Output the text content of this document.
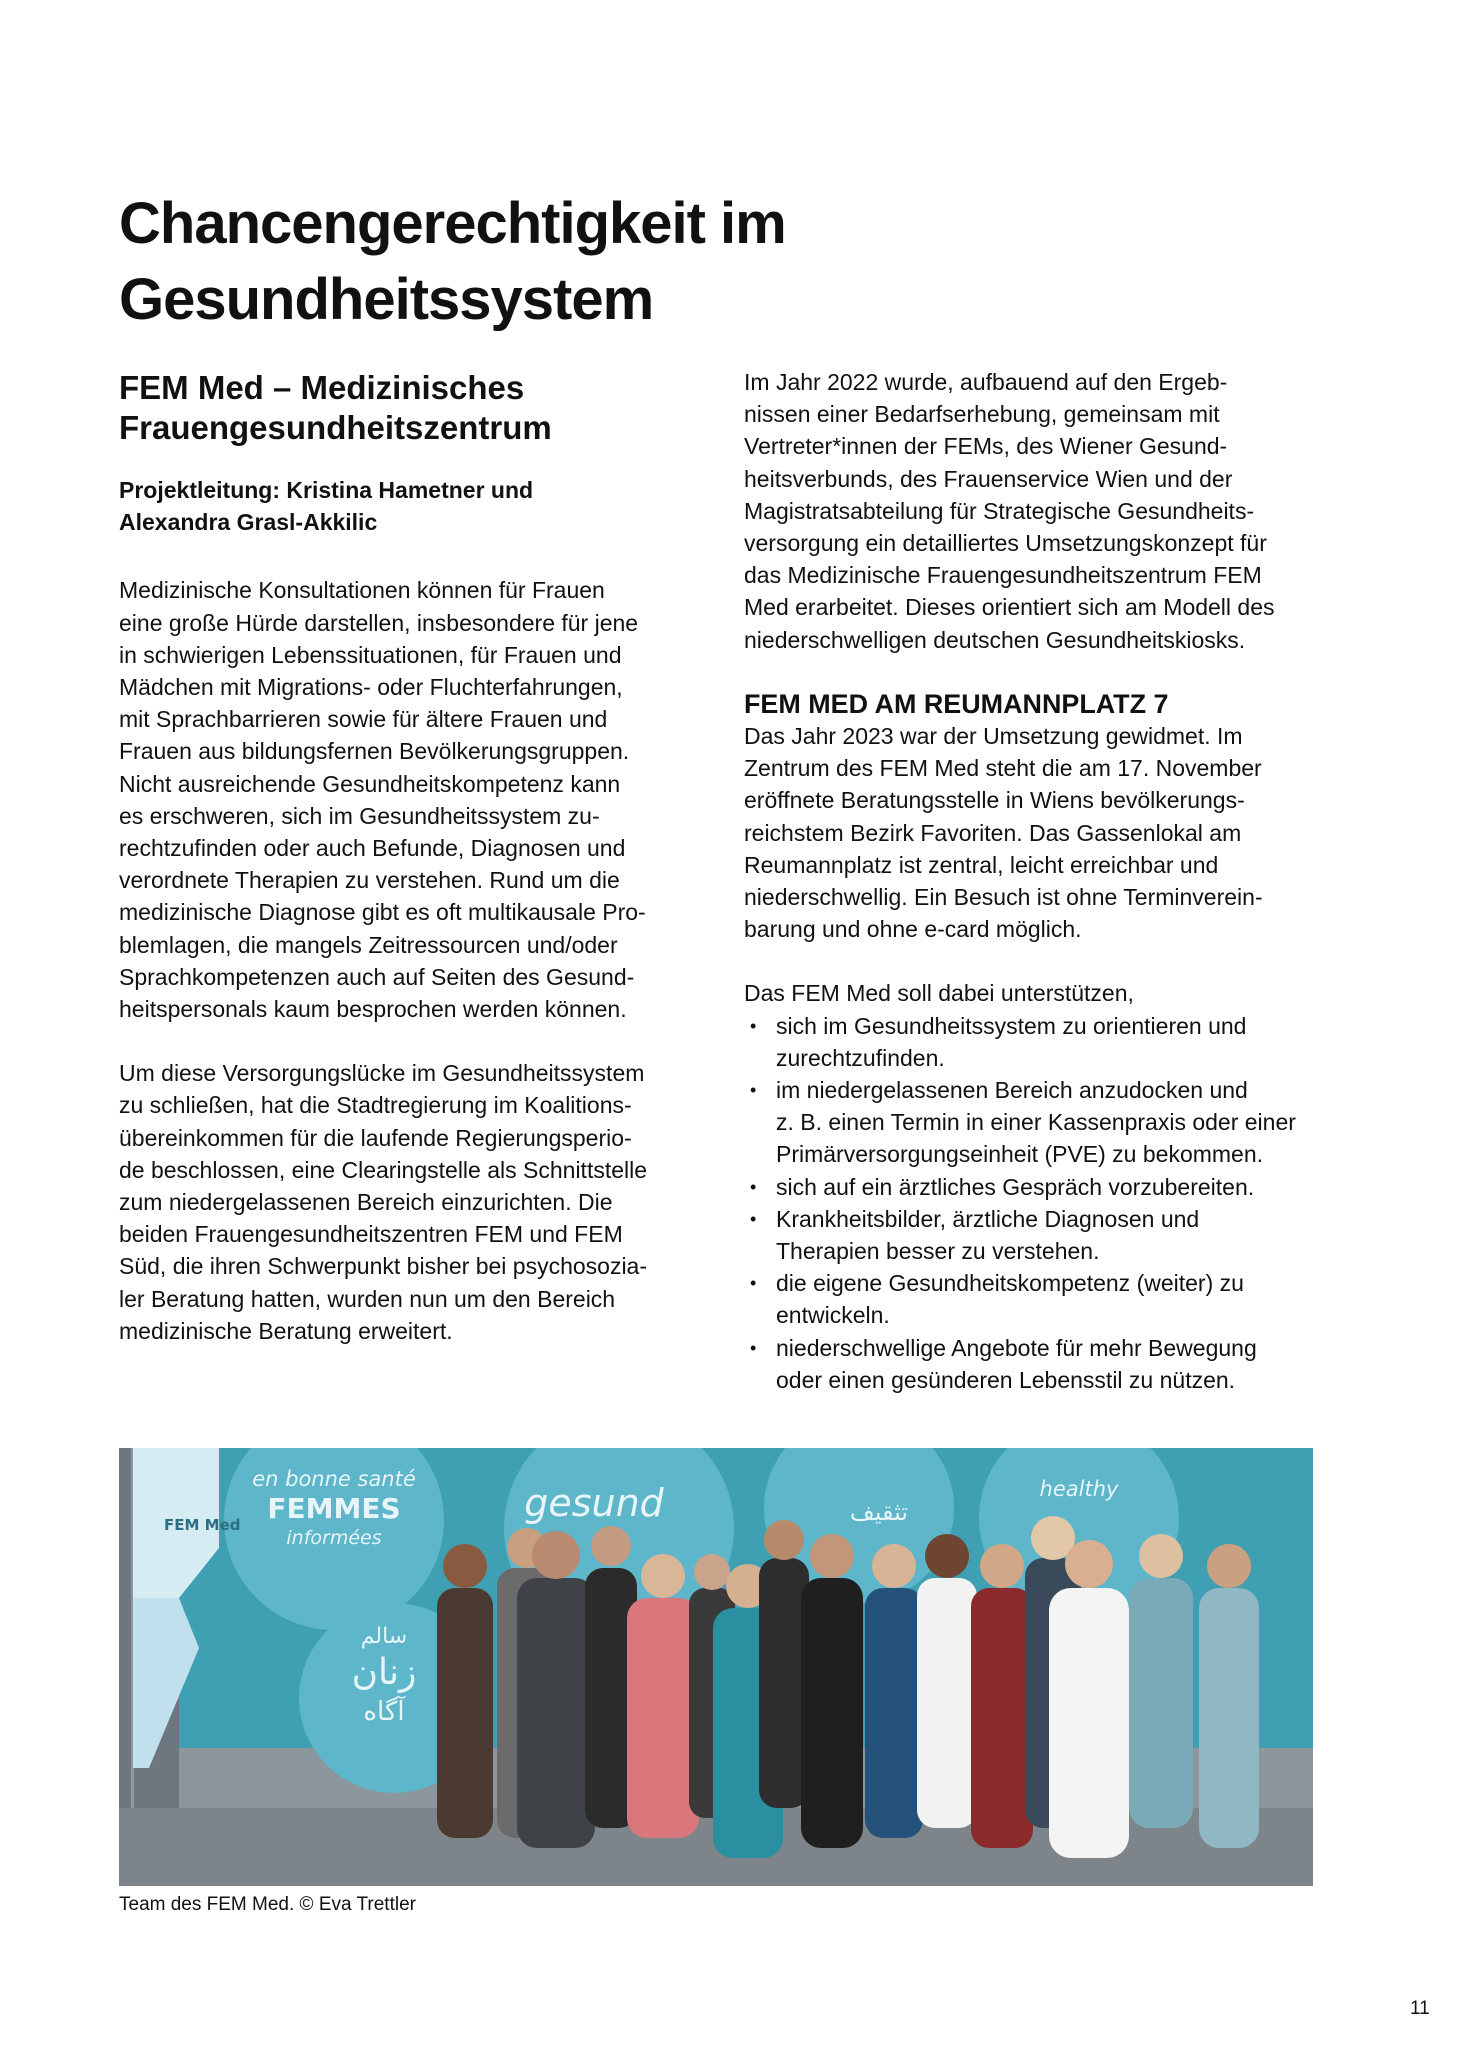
Chancengerechtigkeit im
Gesundheitssystem
FEM Med – Medizinisches
Frauengesundheitszentrum

Projektleitung: Kristina Hametner und
Alexandra Grasl-Akkilic

Medizinische Konsultationen können für Frauen
eine große Hürde darstellen, insbesondere für jene
in schwierigen Lebenssituationen, für Frauen und
Mädchen mit Migrations- oder Fluchterfahrungen,
mit Sprachbarrieren sowie für ältere Frauen und
Frauen aus bildungsfernen Bevölkerungsgruppen.
Nicht ausreichende Gesundheitskompetenz kann
es erschweren, sich im Gesundheitssystem zu-
rechtzufinden oder auch Befunde, Diagnosen und
verordnete Therapien zu verstehen. Rund um die
medizinische Diagnose gibt es oft multikausale Pro-
blemlagen, die mangels Zeitressourcen und/oder
Sprachkompetenzen auch auf Seiten des Gesund-
heitspersonals kaum besprochen werden können.

Um diese Versorgungslücke im Gesundheitssystem
zu schließen, hat die Stadtregierung im Koalitions-
übereinkommen für die laufende Regierungsperio-
de beschlossen, eine Clearingstelle als Schnittstelle
zum niedergelassenen Bereich einzurichten. Die
beiden Frauengesundheitszentren FEM und FEM
Süd, die ihren Schwerpunkt bisher bei psychosozia-
ler Beratung hatten, wurden nun um den Bereich
medizinische Beratung erweitert.

Im Jahr 2022 wurde, aufbauend auf den Ergeb-
nissen einer Bedarfserhebung, gemeinsam mit
Vertreter*innen der FEMs, des Wiener Gesund-
heitsverbunds, des Frauenservice Wien und der
Magistratsabteilung für Strategische Gesundheits-
versorgung ein detailliertes Umsetzungskonzept für
das Medizinische Frauengesundheitszentrum FEM
Med erarbeitet. Dieses orientiert sich am Modell des
niederschwelligen deutschen Gesundheitskiosks.

FEM MED AM REUMANNPLATZ 7

Das Jahr 2023 war der Umsetzung gewidmet. Im
Zentrum des FEM Med steht die am 17. November
eröffnete Beratungsstelle in Wiens bevölkerungs-
reichstem Bezirk Favoriten. Das Gassenlokal am
Reumannplatz ist zentral, leicht erreichbar und
niederschwellig. Ein Besuch ist ohne Terminverein-
barung und ohne e-card möglich.

Das FEM Med soll dabei unterstützen,

• sich im Gesundheitssystem zu orientieren und
zurechtzufinden.
• im niedergelassenen Bereich anzudocken und
z. B. einen Termin in einer Kassenpraxis oder einer
Primärversorgungseinheit (PVE) zu bekommen.
• sich auf ein ärztliches Gespräch vorzubereiten.
• Krankheitsbilder, ärztliche Diagnosen und
Therapien besser zu verstehen.
• die eigene Gesundheitskompetenz (weiter) zu
entwickeln.
• niederschwellige Angebote für mehr Bewegung
oder einen gesünderen Lebensstil zu nützen.
en bonne santé
FEMMES
informées
gesund	healthy
تثقيف
سالم
زنان
آگاه
FEM Med
Team des FEM Med. © Eva Trettler
11
